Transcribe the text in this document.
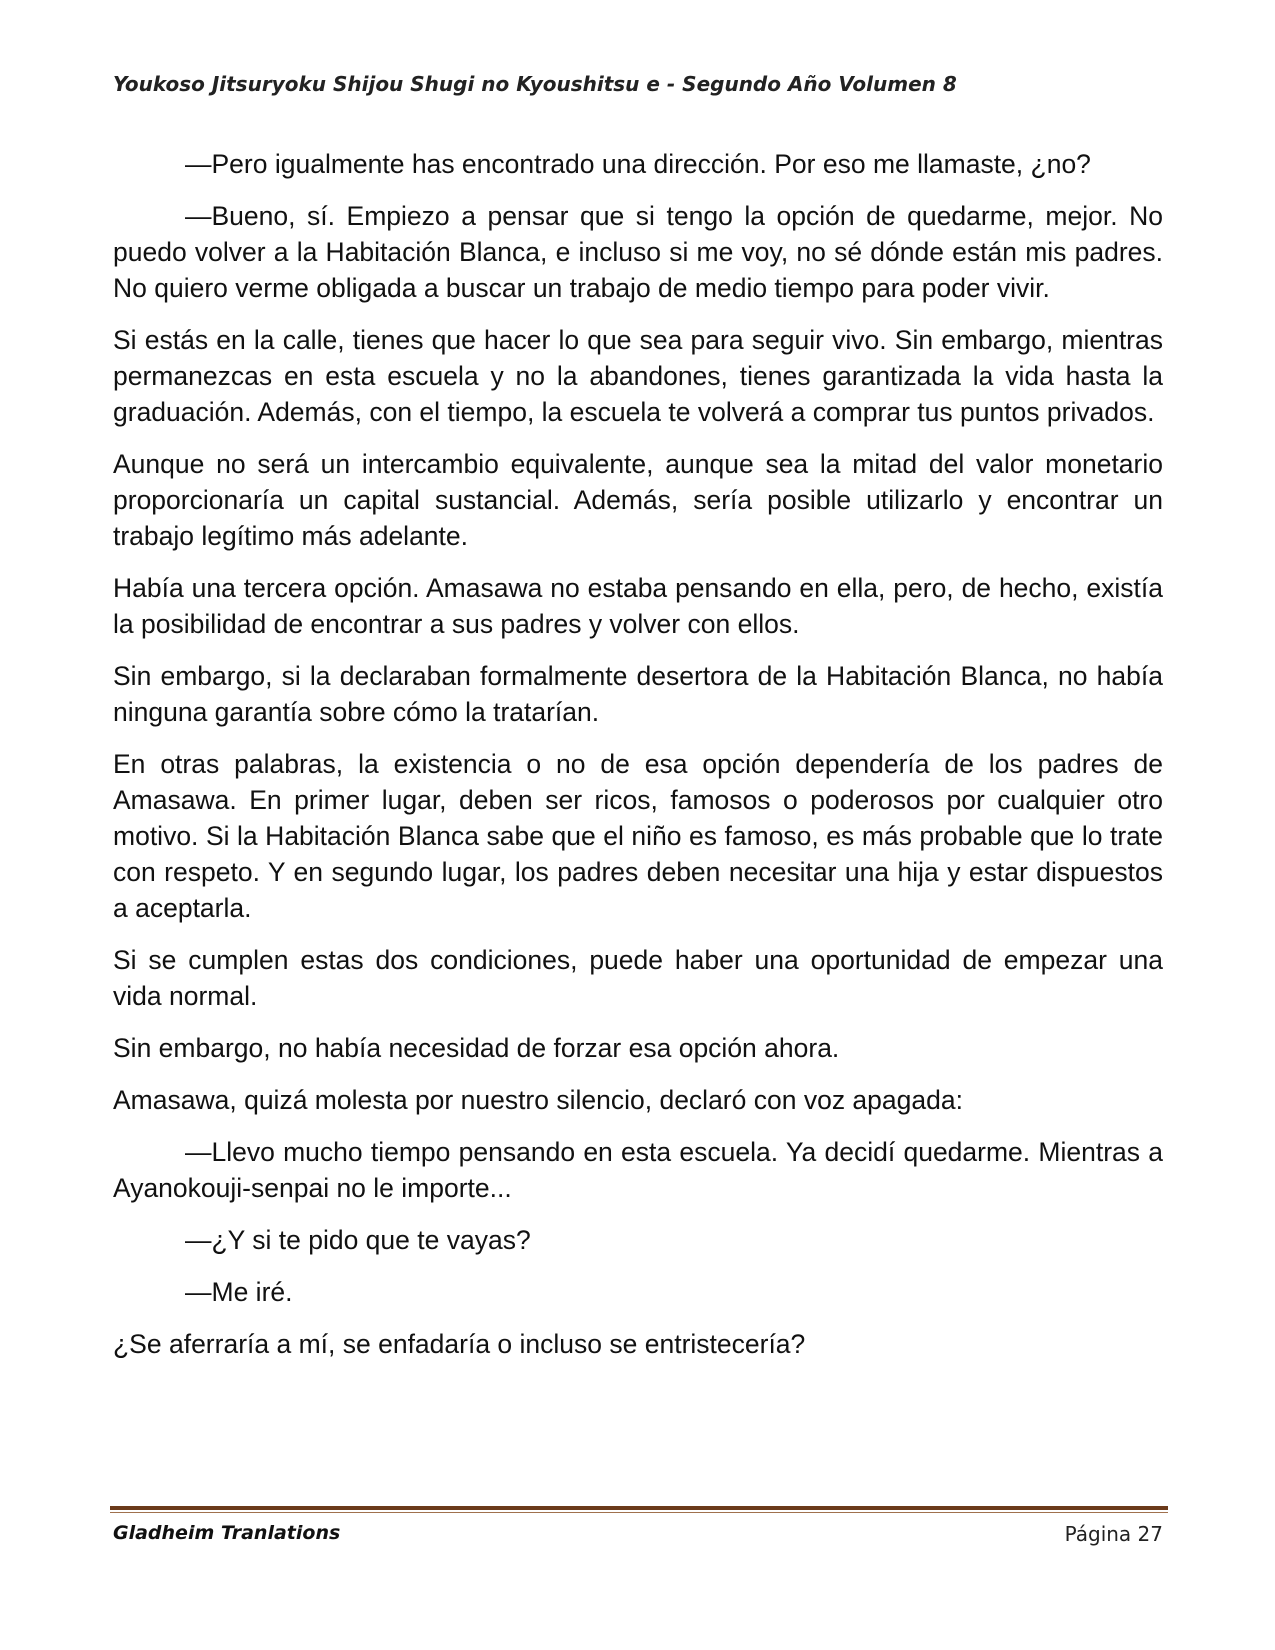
Youkoso Jitsuryoku Shijou Shugi no Kyoushitsu e - Segundo Año Volumen 8

—Pero igualmente has encontrado una dirección. Por eso me llamaste, ¿no?

—Bueno, sí. Empiezo a pensar que si tengo la opción de quedarme, mejor. No puedo volver a la Habitación Blanca, e incluso si me voy, no sé dónde están mis padres. No quiero verme obligada a buscar un trabajo de medio tiempo para poder vivir.

Si estás en la calle, tienes que hacer lo que sea para seguir vivo. Sin embargo, mientras permanezcas en esta escuela y no la abandones, tienes garantizada la vida hasta la graduación. Además, con el tiempo, la escuela te volverá a comprar tus puntos privados.

Aunque no será un intercambio equivalente, aunque sea la mitad del valor monetario proporcionaría un capital sustancial. Además, sería posible utilizarlo y encontrar un trabajo legítimo más adelante.

Había una tercera opción. Amasawa no estaba pensando en ella, pero, de hecho, existía la posibilidad de encontrar a sus padres y volver con ellos.

Sin embargo, si la declaraban formalmente desertora de la Habitación Blanca, no había ninguna garantía sobre cómo la tratarían.

En otras palabras, la existencia o no de esa opción dependería de los padres de Amasawa. En primer lugar, deben ser ricos, famosos o poderosos por cualquier otro motivo. Si la Habitación Blanca sabe que el niño es famoso, es más probable que lo trate con respeto. Y en segundo lugar, los padres deben necesitar una hija y estar dispuestos a aceptarla.

Si se cumplen estas dos condiciones, puede haber una oportunidad de empezar una vida normal.

Sin embargo, no había necesidad de forzar esa opción ahora.

Amasawa, quizá molesta por nuestro silencio, declaró con voz apagada:

—Llevo mucho tiempo pensando en esta escuela. Ya decidí quedarme. Mientras a Ayanokouji-senpai no le importe...

—¿Y si te pido que te vayas?

—Me iré.

¿Se aferraría a mí, se enfadaría o incluso se entristecería?

Gladheim Tranlations	Página 27
